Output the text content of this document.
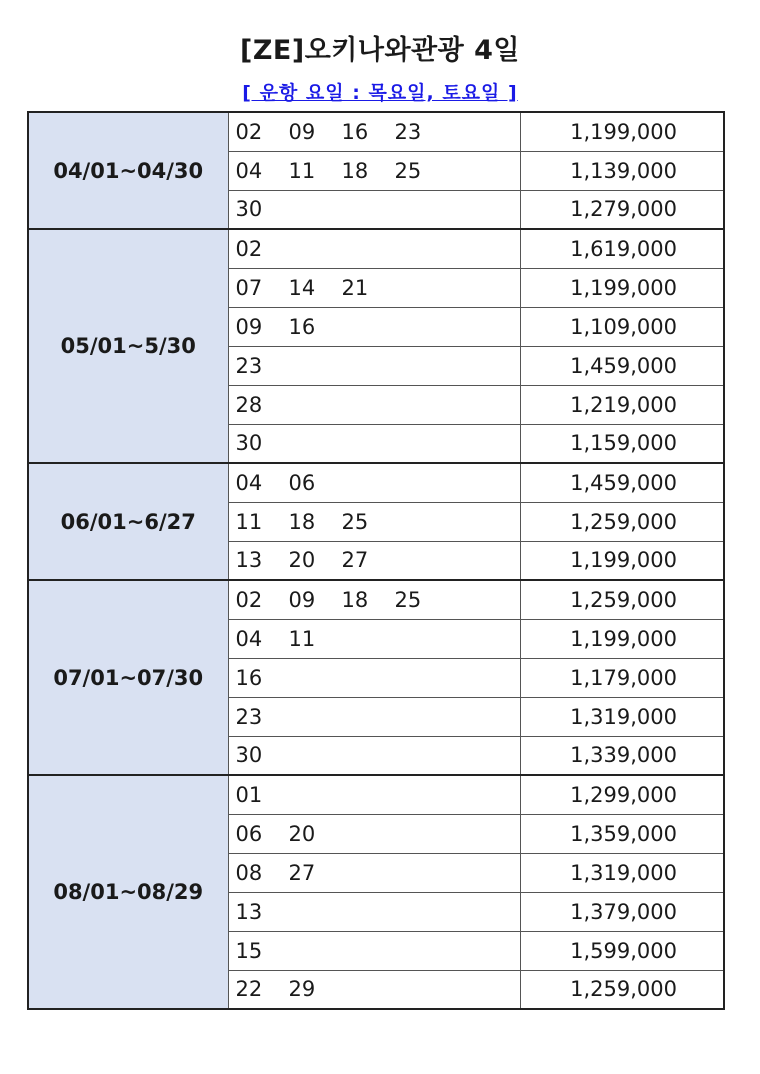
[ZE]오키나와관광 4일
[ 운항 요일 : 목요일, 토요일 ]
04/01~04/30	02 09 16 23	1,199,000
	04 11 18 25	1,139,000
	30	1,279,000
05/01~5/30	02	1,619,000
	07 14 21	1,199,000
	09 16	1,109,000
	23	1,459,000
	28	1,219,000
	30	1,159,000
06/01~6/27	04 06	1,459,000
	11 18 25	1,259,000
	13 20 27	1,199,000
07/01~07/30	02 09 18 25	1,259,000
	04 11	1,199,000
	16	1,179,000
	23	1,319,000
	30	1,339,000
08/01~08/29	01	1,299,000
	06 20	1,359,000
	08 27	1,319,000
	13	1,379,000
	15	1,599,000
	22 29	1,259,000
